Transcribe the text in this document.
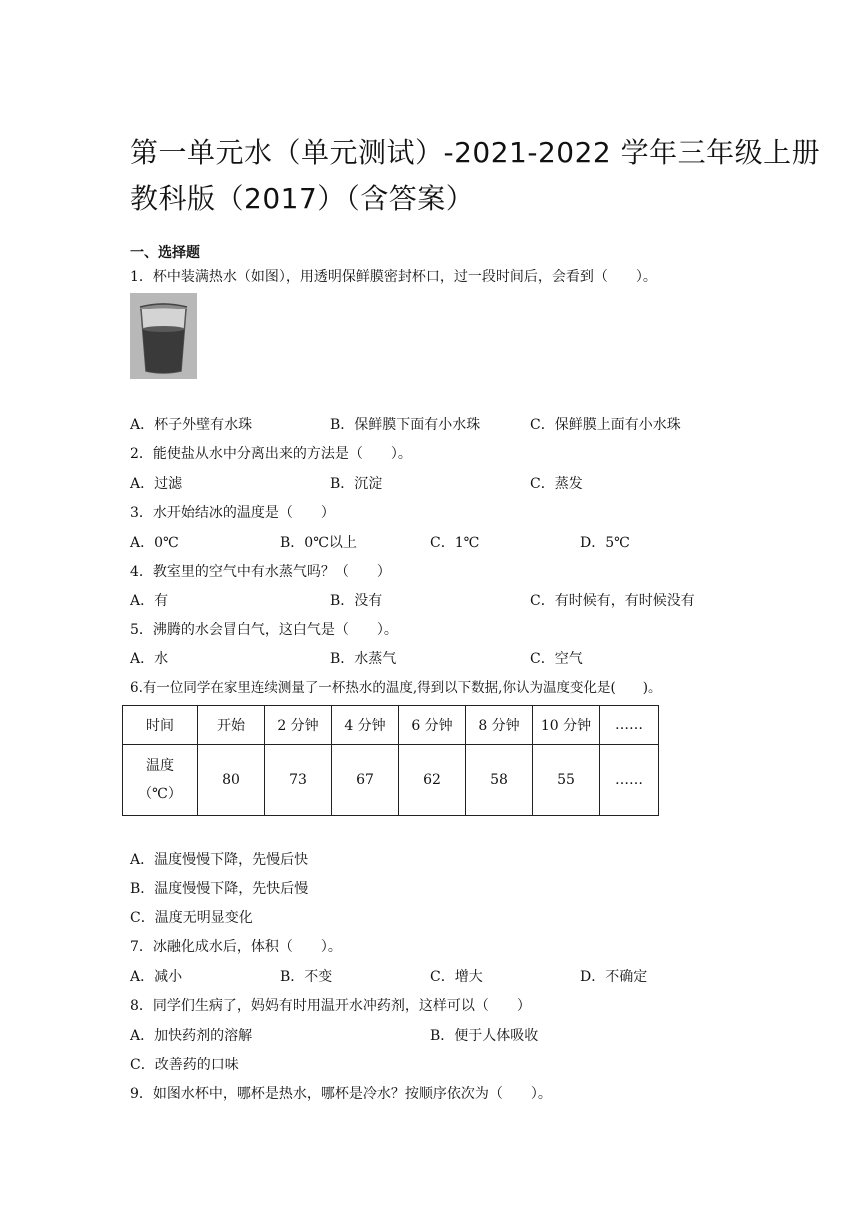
第一单元水（单元测试）-2021-2022 学年三年级上册
教科版（2017）（含答案）
一、选择题
1．杯中装满热水（如图），用透明保鲜膜密封杯口，过一段时间后，会看到（　　）。
A．杯子外壁有水珠	B．保鲜膜下面有小水珠	C．保鲜膜上面有小水珠
2．能使盐从水中分离出来的方法是（　　）。
A．过滤	B．沉淀	C．蒸发
3．水开始结冰的温度是（　　）
A．0℃	B．0℃以上	C．1℃	D．5℃
4．教室里的空气中有水蒸气吗？（　　）
A．有	B．没有	C．有时候有，有时候没有
5．沸腾的水会冒白气，这白气是（　　）。
A．水	B．水蒸气	C．空气
6.有一位同学在家里连续测量了一杯热水的温度,得到以下数据,你认为温度变化是(　　)。
时间	开始	2 分钟	4 分钟	6 分钟	8 分钟	10 分钟	……

温度
（℃）	80	73	67	62	58	55	……
A．温度慢慢下降，先慢后快
B．温度慢慢下降，先快后慢
C．温度无明显变化
7．冰融化成水后，体积（　　）。
A．减小	B．不变	C．增大	D．不确定
8．同学们生病了，妈妈有时用温开水冲药剂，这样可以（　　）
A．加快药剂的溶解	B．便于人体吸收
C．改善药的口味
9．如图水杯中，哪杯是热水，哪杯是冷水？按顺序依次为（　　）。
